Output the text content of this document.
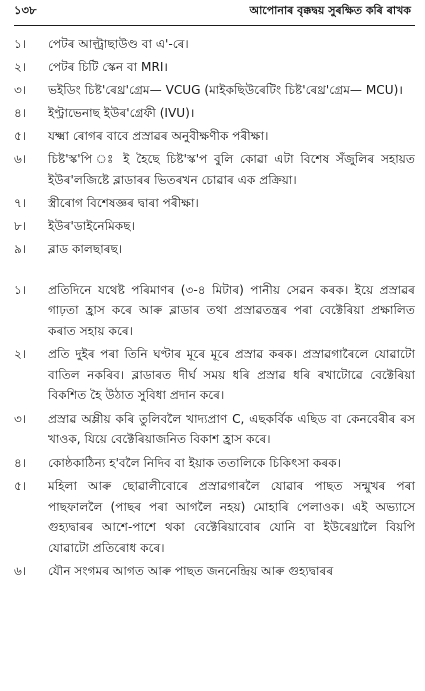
১৩৮	আপোনাৰ বৃক্কদ্বয় সুৰক্ষিত কৰি ৰাখক
১।	পেটৰ আল্ট্ৰাছাউণ্ড বা এ'-ৰে।
২।	পেটৰ চিটি স্কেন বা MRI।
৩।	ভইডিং চিষ্ট'ৰেথ্ৰ'গ্ৰেম— VCUG (মাইকছিউৰেটিং চিষ্ট'ৰেথ্ৰ'গ্ৰেম— MCU)।
৪।	ইণ্ট্ৰাভেনাছ ইউৰ'গ্ৰেফী (IVU)।
৫।	যক্ষ্মা ৰোগৰ বাবে প্ৰস্ৰাৱৰ অনুবীক্ষণীক পৰীক্ষা।
৬।	চিষ্ট'স্ক'পি ঃ ই হৈছে চিষ্ট'স্ক'প বুলি কোৱা এটা বিশেষ সঁজুলিৰ সহায়ত ইউৰ'লজিষ্টে ব্লাডাৰৰ ভিতৰখন চোৱাৰ এক প্ৰক্ৰিয়া।
৭।	স্ত্ৰীৰোগ বিশেষজ্ঞৰ দ্বাৰা পৰীক্ষা।
৮।	ইউৰ'ডাইনেমিকছ।
৯।	ব্লাড কালছাৰছ।
১।	প্ৰতিদিনে যথেষ্ট পৰিমাণৰ (৩-৪ মিটাৰ) পানীয় সেৱন কৰক। ইয়ে প্ৰস্ৰাৱৰ গাঢ়তা হ্ৰাস কৰে আৰু ব্লাডাৰ তথা প্ৰস্ৰাৱতন্ত্ৰৰ পৰা বেক্টেৰিয়া প্ৰক্ষালিত কৰাত সহায় কৰে।
২।	প্ৰতি দুইৰ পৰা তিনি ঘণ্টাৰ মূৰে মূৰে প্ৰস্ৰাৱ কৰক। প্ৰস্ৰাৱগাৰৈলে যোৱাটো বাতিল নকৰিব। ব্লাডাৰত দীৰ্ঘ সময় ধৰি প্ৰস্ৰাৱ ধৰি ৰখাটোৱে বেক্টেৰিয়া বিকশিত হৈ উঠাত সুবিধা প্ৰদান কৰে।
৩।	প্ৰস্ৰাৱ অম্লীয় কৰি তুলিবলৈ খাদ্যপ্ৰাণ C, এছকৰ্বিক এছিড বা কেনবেৰীৰ ৰস খাওক, যিয়ে বেক্টেৰিয়াজনিত বিকাশ হ্ৰাস কৰে।
৪।	কোষ্ঠকাঠিন্য হ'বলৈ নিদিব বা ইয়াক ততালিকে চিকিৎসা কৰক।
৫।	মহিলা আৰু ছোৱালীবোৰে প্ৰস্ৰাৱগাৰলৈ যোৱাৰ পাছত সন্মুখৰ পৰা পাছফাললৈ (পাছৰ পৰা আগলৈ নহয়) মোহাৰি পেলাওক। এই অভ্যাসে গুহ্যদ্বাৰৰ আশে-পাশে থকা বেক্টেৰিয়াবোৰ যোনি বা ইউৰেথ্ৰালৈ বিয়পি যোৱাটো প্ৰতিৰোধ কৰে।
৬।	যৌন সংগমৰ আগত আৰু পাছত জননেন্দ্ৰিয় আৰু গুহ্যদ্বাৰৰ
